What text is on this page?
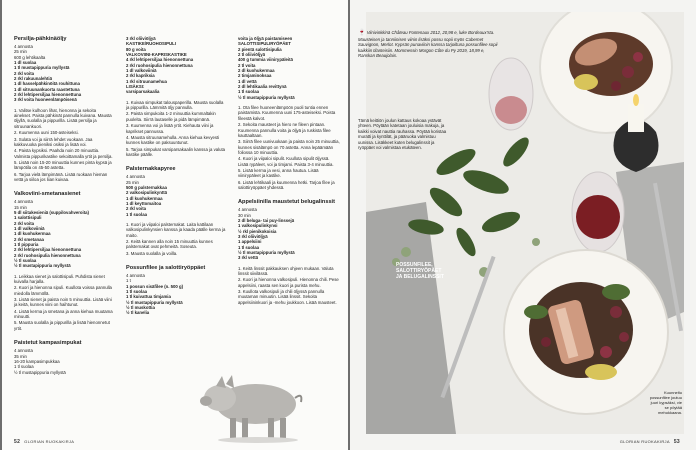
Persilja-pähkinäöljy
4 annosta
25 min
600 g lehtikaalta
1 dl suolaa
1 tl mustapippuria myllystä
2 rkl voita
2 rkl rakuunalehtiä
1 dl hasselpähkinöitä rouhittuna
1 dl sitruunankuorta raastettuna
2 rkl lehtipersiljaa hienonnettuna
3 rkl voita huoneenlämpöisenä
1. Valitse kulhoon lihat, hienonna ja sekoita ainekset. Paista pähkinät pannulla kuivana. Mausta öljyllä, suolalla ja pippurilla. Lisää persilja ja sitruunankuori.
2. Kuumenna uuni 150-asteiseksi.
3. Sulata voi ja siirrä lehdet vuokaan. Jaa kakkuvuoka pieniksi osiksi ja lisää voi.
4. Paista kypsiksi. Paahda noin 20 minuuttia. Valmista pippurikastike sekoittamalla yrtit ja persilja.
5. Lisää noin 15-20 minuuttia kunnes pinta kypsä ja lämpötila on 45-50 astetta.
6. Tarjoa vielä lämpimänä. Lisää ruokaan hieman vettä ja siiloa jos liian kuivaa.
Valkoviini-smetanasienet
4 annosta
15 min
5 dl siitakesieniä (suppilovahveroita)
1 salottisipuli
2 rkl voita
1 dl valkoviiniä
1 dl kuohukermaa
2 rkl smetanaa
1 tl pippuria
2 rkl lehtipersiljaa hienonnettuna
2 rkl ruohosipulia hienonnettuna
½ tl suolaa
½ tl mustapippuria myllystä
1. Leikkaa sienet ja salottisipuli. Puhdista sienet kuivalla harjalla.
2. Kuori ja hienonna sipuli. Kuullota voissa pannulla miedolla lämmöllä.
3. Lisää sienet ja paista noin 5 minuuttia. Lisää viini ja keitä, kunnes viini on haihtunut.
4. Lisää kerma ja smetana ja anna kiehua muutama minuutti.
5. Mausta suolalla ja pippurilla ja lisää hienonnetut yrtit.
Paistetut kampasimpukat
4 annosta
35 min
16-20 kampasimpukkaa
1 tl suolaa
½ tl mustapippuria myllystä
3 rkl oliiviöljyä
KASTIKE/RUOHOSIPULI
80 g voita
VALKOVIINI-KAPRISKASTIKE
4 rkl lehtipersiljaa hienonnettuna
2 rkl ruohosipulia hienonnettuna
1 dl valkoviiniä
2 rkl kapriksia
1 rkl sitruunamehua
LISÄKSI:
varsiparsakaalia
1. Kuivaa simpukat talouspaperilla. Mausta suolalla ja pippurilla. Lämmitä öljy pannulla.
2. Paista simpukoita 1-2 minuuttia kummaltakin puolelta. Siirrä lautaselle ja pidä lämpimänä.
3. Kuumenna voi ja lisää yrtit. Kiehauta viini ja kaprikset pannussa.
4. Mausta sitruunamehulla. Anna kiehua kevyesti kunnes kastike on paksuuntunut.
5. Tarjoa simpukat varsiparsakaalin kanssa ja valuta kastike päälle.
Palsternakkapyree
4 annosta
25 min
500 g palsternakkaa
2 valkosipulinkynttä
1 dl kuohukermaa
1 dl keyttomaitoa
2 rkl voita
1 tl suolaa
1. Kuori ja viipaloi palsternakat. Laita kattilaan valkosipulinkynsien kanssa ja kaada päälle kerma ja maito.
2. Keitä kannen alla noin 15 minuuttia kunnes palsternakat ovat pehmeitä. Soseuta.
3. Mausta suolalla ja voilla.
Possunfilee ja salottiryöppäet
4 annosta
1 t
1 possun sisäfilee (n. 500 g)
1 tl suolaa
1 tl kuivattua timjamia
½ tl mustapippuria myllystä
½ tl muskottia
½ tl kanelia
voita ja öljyä paistamiseen
SALOTTISIPULIRYÖPÄET
2 pientä salottisipulia
2 tl oliiviöljyä
400 g tummia viinirypäleitä
2 tl voita
2 dl kuohukermaa
2 timjaminoksaa
1 dl vettä
2 dl lehtikaalia revittynä
1 tl suolaa
½ tl mustapippuria myllystä
1. Ota filee huoneenlämpöön puoli tuntia ennen paistamista. Kuumenna uuni 175-asteiseksi. Poista fileestä kalvot.
2. Sekoita mausteet ja hiero ne fileen pintaan. Kuumenna pannulla voita ja öljyä ja ruskista filee kauttaaltaan.
3. Siirrä filee uunivuokaan ja paista noin 25 minuuttia, kunnes sisälämpö on 70 astetta. Anna lepäämään foliossa 10 minuuttia.
4. Kuori ja viipaloi sipulit. Kuullota sipulit öljyssä. Lisää rypäleet, voi ja timjami. Paista 3-4 minuuttia.
5. Lisää kerma ja vesi, anna hautua. Lisää viinirypäleet ja kastike.
6. Lisää lehtikaali ja kuumenna hetki. Tarjoa filee ja salottiryöppäet yhdessä.
Appelsiinilla maustetut belugalinssit
4 annosta
30 min
2 dl beluga- tai puy-linssejä
1 valkosipulinkynsi
½ rkl pienikokoisia
3 rkl oliiviöljyä
1 appelsiini
1 tl suolaa
½ tl mustapippuria myllystä
3 rkl vettä
1. Keitä linssit pakkauksen ohjeen mukaan. Valuta linssit siivilässä.
2. Kuori ja hienonna valkosipuli. Hienonna chili. Pese appelsiini, raasta sen kuori ja purista mehu.
3. Kuullota valkosipuli ja chili öljyssä pannulla muutaman minuutin. Lisää linssit. Sekoita appelsiininkuori ja -mehu joukkoon. Lisää mausteet.
52 GLORIAN RUOKAKIRJA
🍷 Viinivinkkinä Château Fontenaux 2012, 20,98 e, luke Bordeaux'sta. Mausteisen ja tanniinisen viinin lisäksi possu sopii myös Cabernet Sauvignon, Merlot. Kypsän punaviinin kanssa tarjoiltuna possunfilee sopii kaikkiin tilanteisiin. Mommessin Morgon Côte du Py 2019, 18,99 e, Ranskan Beaujolais.
Tämä keittiön joulun kattaus kokoaa ystävät yhteen. Pöytään katetaan jouluisia makuja, ja kaikki voivat nauttia rauhassa. Pöytää koristaa muratti ja kynttilät, ja pääruoka valmistuu uunissa. Lisäkkeet kuten belugalinssit ja ryöppäet voi valmistaa etukäteen.
POSSUNFILEE,
SALOTTIRYÖPÄET
JA BELUGALINSSIT
Kuunneltu possunfilee joutuu juuri kypsäksi, vie se pöytää mehukkaana.
GLORIAN RUOKAKIRJA 53
